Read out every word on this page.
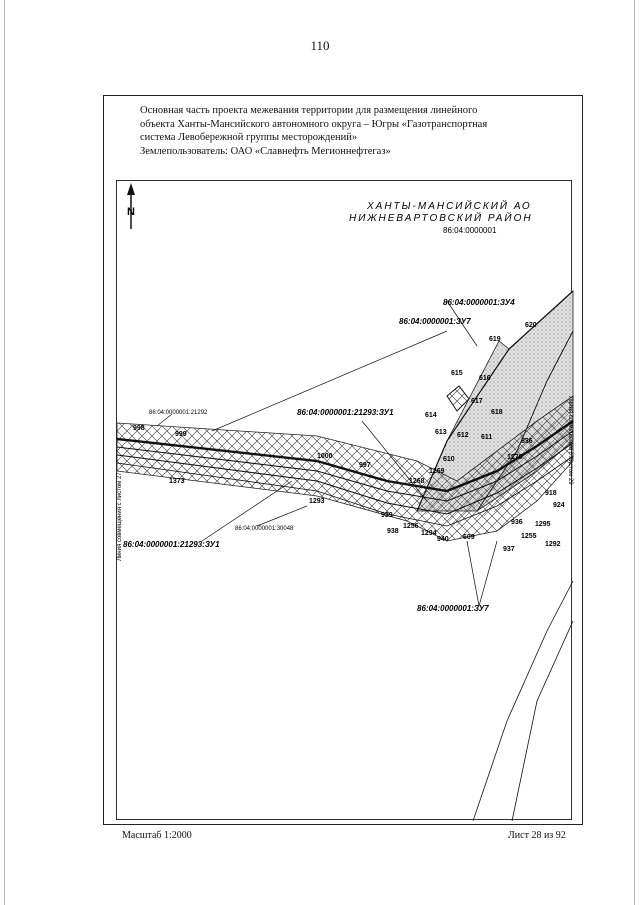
110
Основная часть проекта межевания территории для размещения линейного
объекта Ханты-Мансийского автономного округа – Югры «Газотранспортная
система Левобережной группы месторождений»
Землепользователь: ОАО «Славнефть Мегионнефтегаз»
N	ХАНТЫ-МАНСИЙСКИЙ АО
НИЖНЕВАРТОВСКИЙ РАЙОН
86:04:0000001
86:04:0000001:ЗУ4
86:04:0000001:ЗУ7
86:04:0000001:21293:ЗУ1
86:04:0000001:21293:ЗУ1
86:04:0000001:ЗУ7
86:04:0000001:21292
86:04:0000001:30048
Линия совмещения с листом 27
Линия совмещения с листом 29
620
619
615
616
617
614	618
613 612 611
998
999
1373
1000
997
610
1269
1268
1270
836
1293
939
938
1256
1294
940 609
937
936 1295
1255
1292
918
924
Масштаб 1:2000	Лист 28 из 92
